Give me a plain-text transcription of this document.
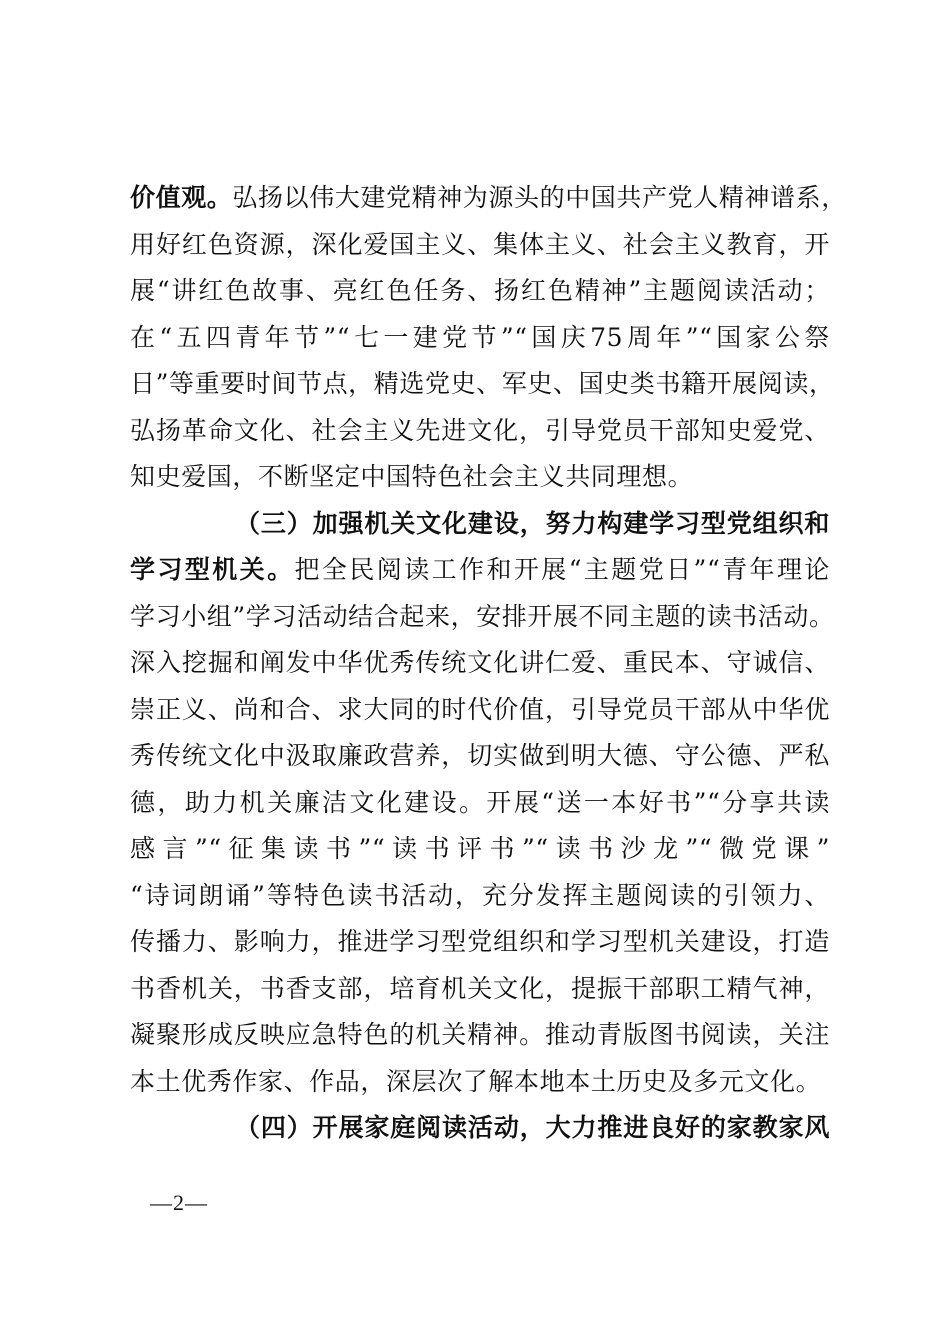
价值观。弘扬以伟大建党精神为源头的中国共产党人精神谱系，
用好红色资源，深化爱国主义、集体主义、社会主义教育，开
展“讲红色故事、亮红色任务、扬红色精神”主题阅读活动；
在“五四青年节”“七一建党节”“国庆75周年”“国家公祭
日”等重要时间节点，精选党史、军史、国史类书籍开展阅读，
弘扬革命文化、社会主义先进文化，引导党员干部知史爱党、
知史爱国，不断坚定中国特色社会主义共同理想。
（三）加强机关文化建设，努力构建学习型党组织和
学习型机关。把全民阅读工作和开展“主题党日”“青年理论
学习小组”学习活动结合起来，安排开展不同主题的读书活动。
深入挖掘和阐发中华优秀传统文化讲仁爱、重民本、守诚信、
崇正义、尚和合、求大同的时代价值，引导党员干部从中华优
秀传统文化中汲取廉政营养，切实做到明大德、守公德、严私
德，助力机关廉洁文化建设。开展“送一本好书”“分享共读
感言”“征集读书”“读书评书”“读书沙龙”“微党课”
“诗词朗诵”等特色读书活动，充分发挥主题阅读的引领力、
传播力、影响力，推进学习型党组织和学习型机关建设，打造
书香机关，书香支部，培育机关文化，提振干部职工精气神，
凝聚形成反映应急特色的机关精神。推动青版图书阅读，关注
本土优秀作家、作品，深层次了解本地本土历史及多元文化。
（四）开展家庭阅读活动，大力推进良好的家教家风
—2—
